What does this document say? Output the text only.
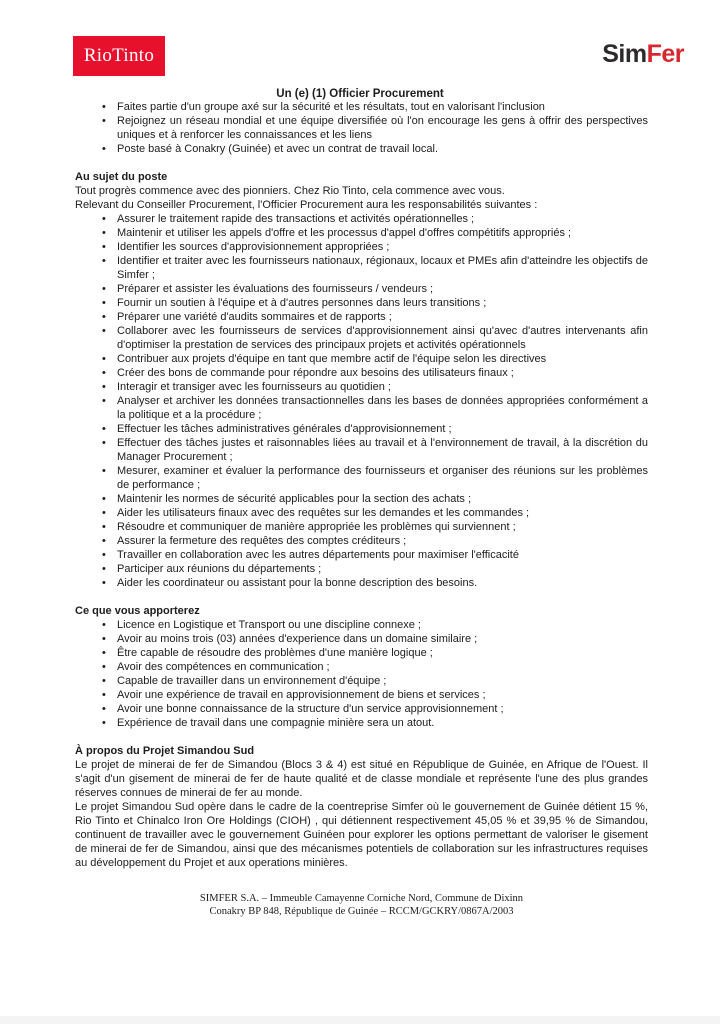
RioTinto	SimFer
Un (e) (1) Officier Procurement
• Faites partie d'un groupe axé sur la sécurité et les résultats, tout en valorisant l'inclusion
• Rejoignez un réseau mondial et une équipe diversifiée où l'on encourage les gens à offrir des perspectives uniques et à renforcer les connaissances et les liens
• Poste basé à Conakry (Guinée) et avec un contrat de travail local.
Au sujet du poste

Tout progrès commence avec des pionniers. Chez Rio Tinto, cela commence avec vous.

Relevant du Conseiller Procurement, l'Officier Procurement aura les responsabilités suivantes :

• Assurer le traitement rapide des transactions et activités opérationnelles ;
• Maintenir et utiliser les appels d'offre et les processus d'appel d'offres compétitifs appropriés ;
• Identifier les sources d'approvisionnement appropriées ;
• Identifier et traiter avec les fournisseurs nationaux, régionaux, locaux et PMEs afin d'atteindre les objectifs de Simfer ;
• Préparer et assister les évaluations des fournisseurs / vendeurs ;
• Fournir un soutien à l'équipe et à d'autres personnes dans leurs transitions ;
• Préparer une variété d'audits sommaires et de rapports ;
• Collaborer avec les fournisseurs de services d'approvisionnement ainsi qu'avec d'autres intervenants afin d'optimiser la prestation de services des principaux projets et activités opérationnels
• Contribuer aux projets d'équipe en tant que membre actif de l'équipe selon les directives
• Créer des bons de commande pour répondre aux besoins des utilisateurs finaux ;
• Interagir et transiger avec les fournisseurs au quotidien ;
• Analyser et archiver les données transactionnelles dans les bases de données appropriées conformément a la politique et a la procédure ;
• Effectuer les tâches administratives générales d'approvisionnement ;
• Effectuer des tâches justes et raisonnables liées au travail et à l'environnement de travail, à la discrétion du Manager Procurement ;
• Mesurer, examiner et évaluer la performance des fournisseurs et organiser des réunions sur les problèmes de performance ;
• Maintenir les normes de sécurité applicables pour la section des achats ;
• Aider les utilisateurs finaux avec des requêtes sur les demandes et les commandes ;
• Résoudre et communiquer de manière appropriée les problèmes qui surviennent ;
• Assurer la fermeture des requêtes des comptes créditeurs ;
• Travailler en collaboration avec les autres départements pour maximiser l'efficacité
• Participer aux réunions du départements ;
• Aider les coordinateur ou assistant pour la bonne description des besoins.
Ce que vous apporterez
• Licence en Logistique et Transport ou une discipline connexe ;
• Avoir au moins trois (03) années d'experience dans un domaine similaire ;
• Être capable de résoudre des problèmes d'une manière logique ;
• Avoir des compétences en communication ;
• Capable de travailler dans un environnement d'équipe ;
• Avoir une expérience de travail en approvisionnement de biens et services ;
• Avoir une bonne connaissance de la structure d'un service approvisionnement ;
• Expérience de travail dans une compagnie minière sera un atout.
À propos du Projet Simandou Sud

Le projet de minerai de fer de Simandou (Blocs 3 & 4) est situé en République de Guinée, en Afrique de l'Ouest. Il s'agit d'un gisement de minerai de fer de haute qualité et de classe mondiale et représente l'une des plus grandes réserves connues de minerai de fer au monde.

Le projet Simandou Sud opère dans le cadre de la coentreprise Simfer où le gouvernement de Guinée détient 15 %, Rio Tinto et Chinalco Iron Ore Holdings (CIOH) , qui détiennent respectivement 45,05 % et 39,95 % de Simandou, continuent de travailler avec le gouvernement Guinéen pour explorer les options permettant de valoriser le gisement de minerai de fer de Simandou, ainsi que des mécanismes potentiels de collaboration sur les infrastructures requises au développement du Projet et aux operations minières.

SIMFER S.A. – Immeuble Camayenne Corniche Nord, Commune de Dixinn
Conakry BP 848, République de Guinée – RCCM/GCKRY/0867A/2003
